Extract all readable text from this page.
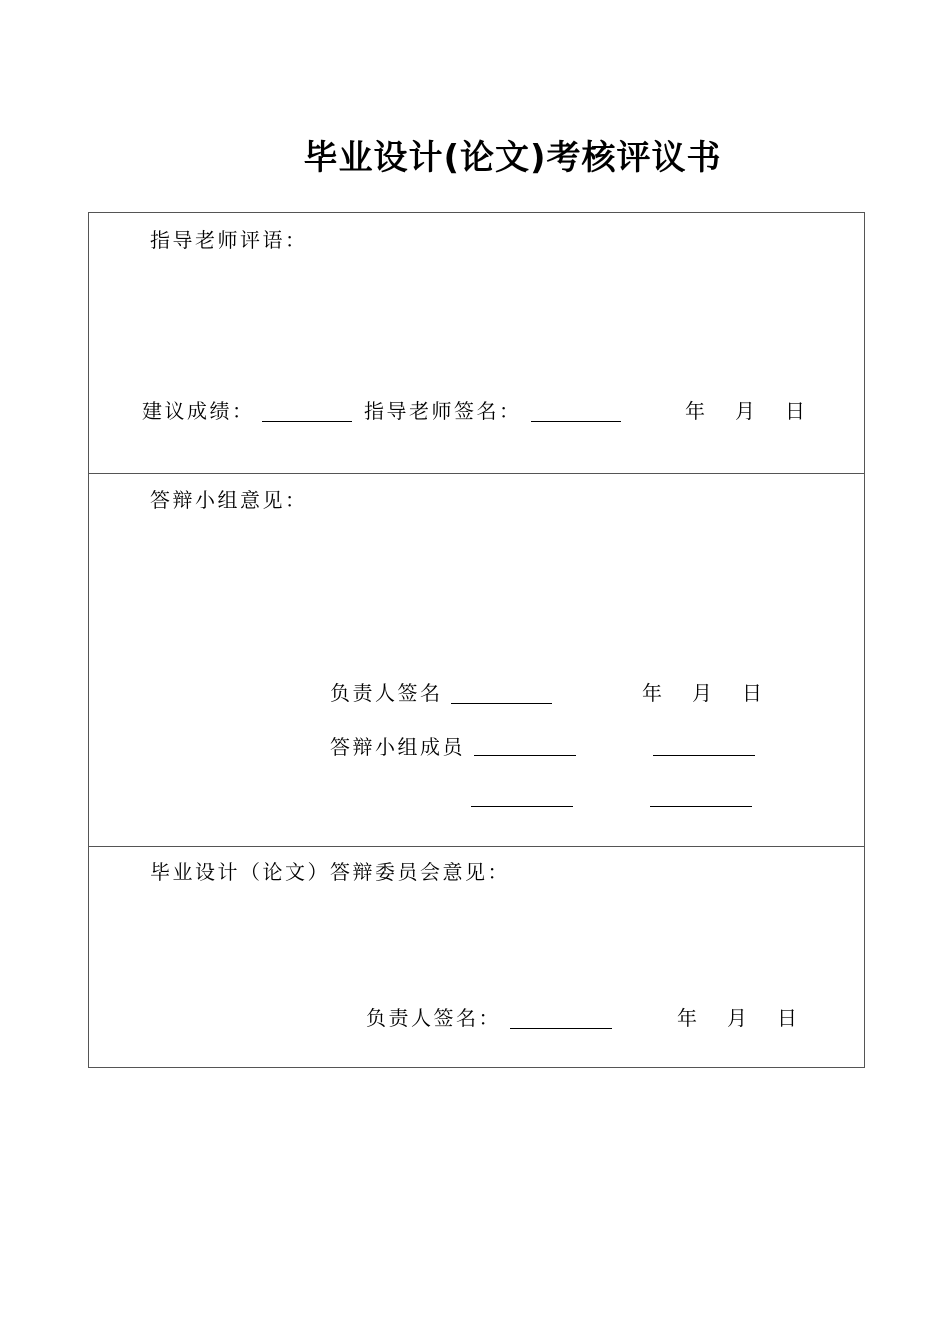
毕业设计(论文)考核评议书
指导老师评语：
建议成绩：	指导老师签名：	年 月 日
答辩小组意见：
负责人签名	年 月 日
答辩小组成员
毕业设计（论文）答辩委员会意见：
负责人签名：	年 月 日
